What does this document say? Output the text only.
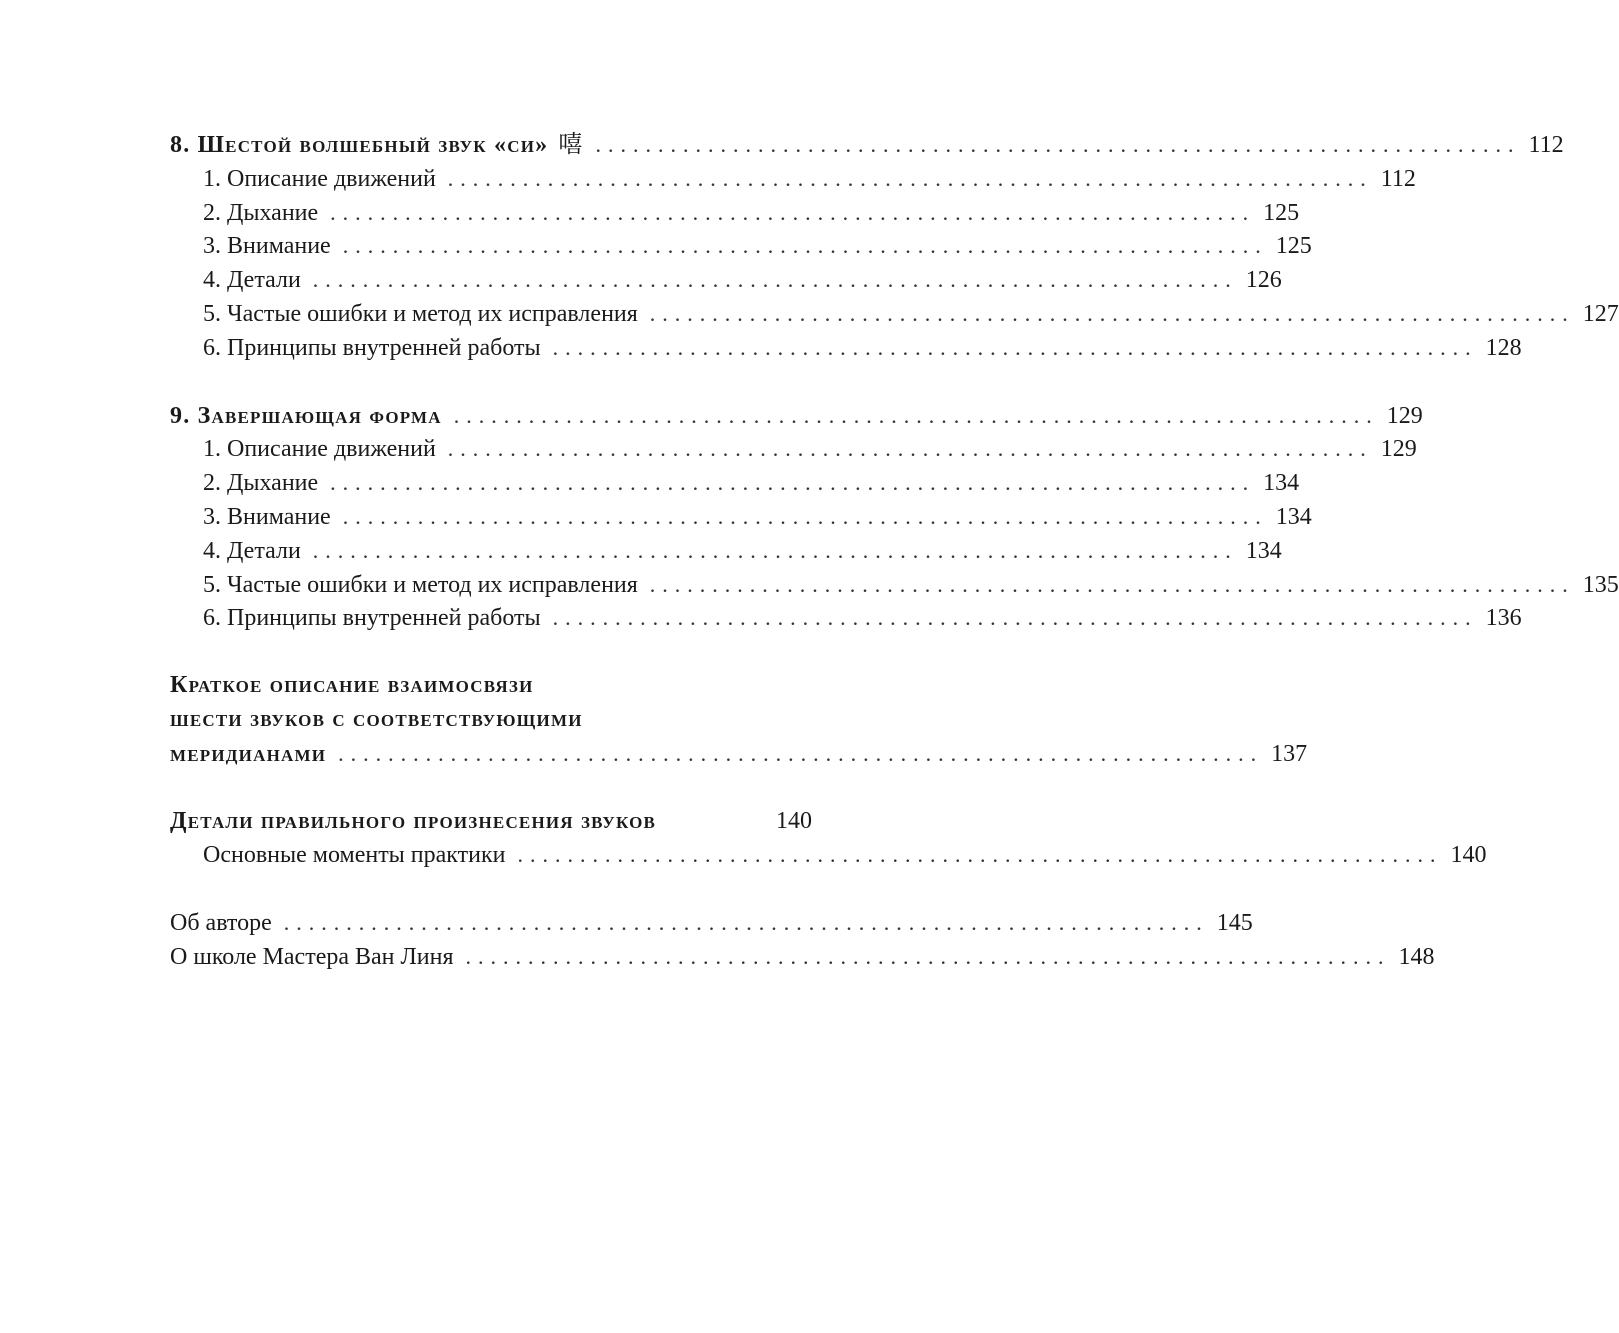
8. Шестой волшебный звук «си» 嘻 .......................................................................... 112
1. Описание движений .......................................................................... 112
2. Дыхание .......................................................................... 125
3. Внимание .......................................................................... 125
4. Детали .......................................................................... 126
5. Частые ошибки и метод их исправления .......................................................................... 127
6. Принципы внутренней работы .......................................................................... 128
9. Завершающая форма .......................................................................... 129
1. Описание движений .......................................................................... 129
2. Дыхание .......................................................................... 134
3. Внимание .......................................................................... 134
4. Детали .......................................................................... 134
5. Частые ошибки и метод их исправления .......................................................................... 135
6. Принципы внутренней работы .......................................................................... 136
Краткое описание взаимосвязи
шести звуков с соответствующими
меридианами .......................................................................... 137
Детали правильного произнесения звуков	140
Основные моменты практики .......................................................................... 140
Об авторе .......................................................................... 145
О школе Мастера Ван Линя .......................................................................... 148
